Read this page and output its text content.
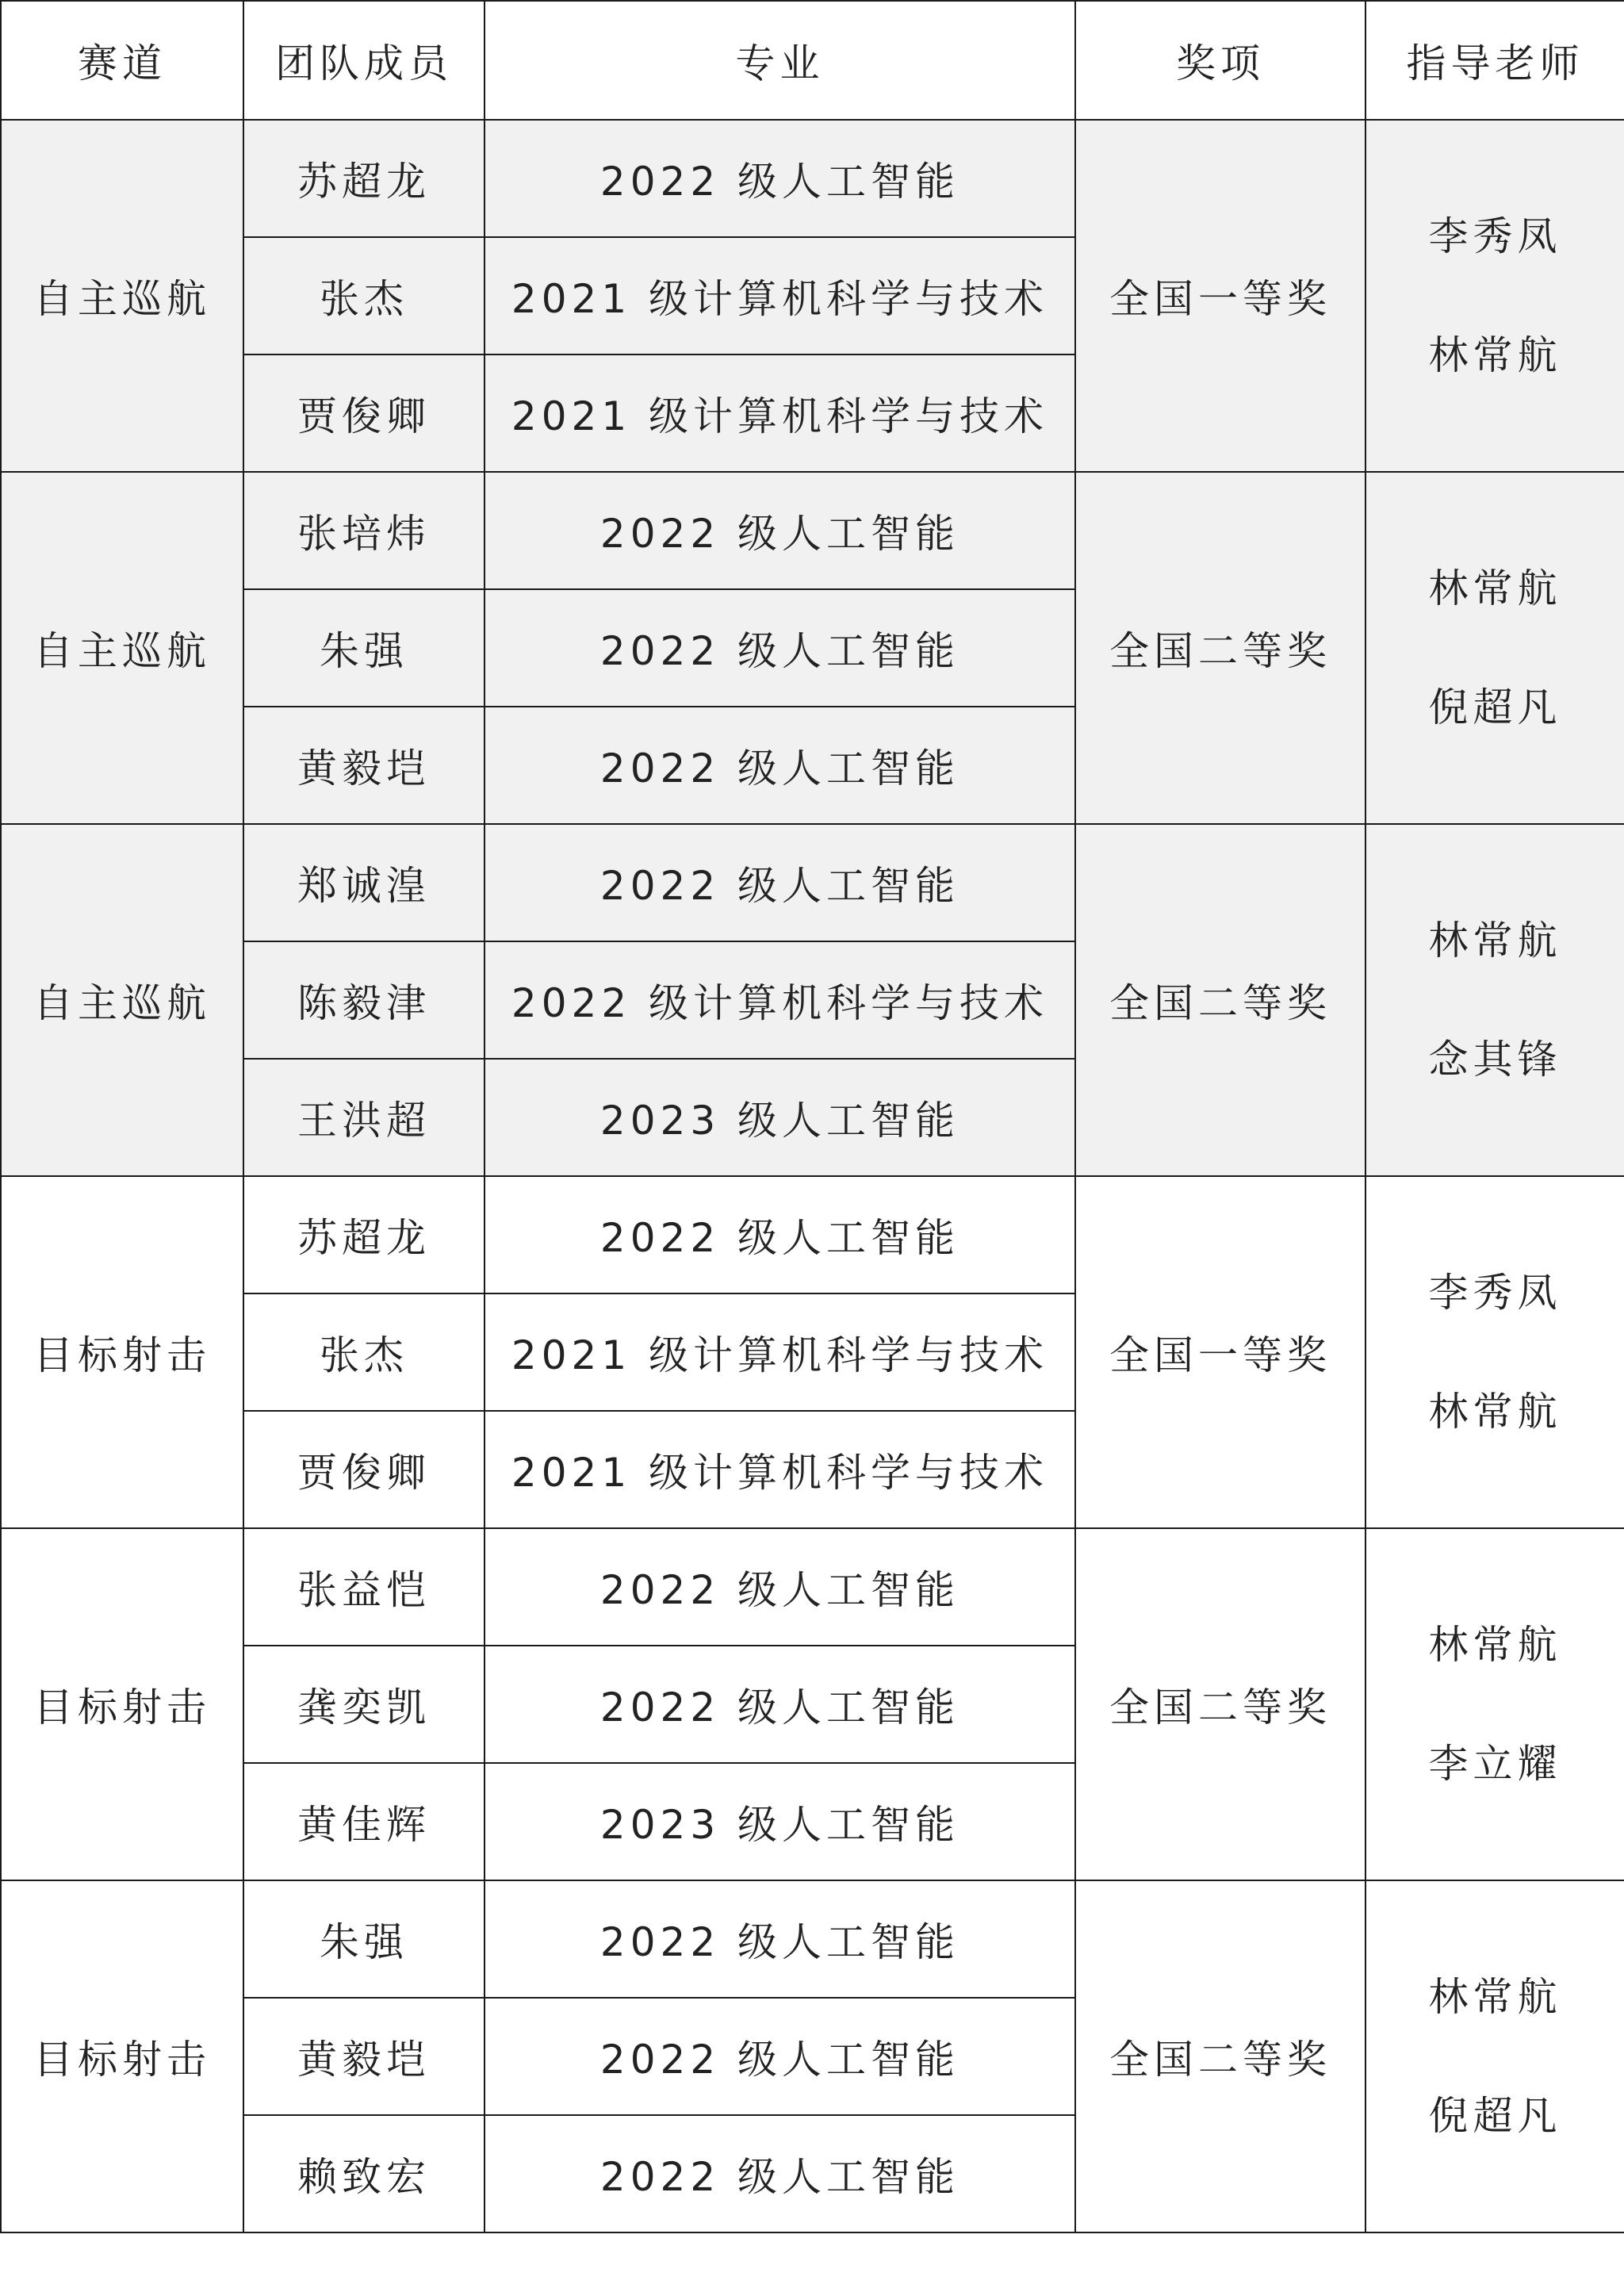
赛道	团队成员	专业	奖项	指导老师
自主巡航	苏超龙	2022 级人工智能	全国一等奖	李秀凤
林常航

	张杰	2021 级计算机科学与技术		
	贾俊卿	2021 级计算机科学与技术		
自主巡航	张培炜	2022 级人工智能	全国二等奖	林常航
倪超凡

	朱强	2022 级人工智能		
	黄毅垲	2022 级人工智能		
自主巡航	郑诚湟	2022 级人工智能	全国二等奖	林常航
念其锋

	陈毅津	2022 级计算机科学与技术		
	王洪超	2023 级人工智能		
目标射击	苏超龙	2022 级人工智能	全国一等奖	李秀凤
林常航

	张杰	2021 级计算机科学与技术		
	贾俊卿	2021 级计算机科学与技术		
目标射击	张益恺	2022 级人工智能	全国二等奖	林常航
李立耀

	龚奕凯	2022 级人工智能		
	黄佳辉	2023 级人工智能		
目标射击	朱强	2022 级人工智能	全国二等奖	林常航
倪超凡

	黄毅垲	2022 级人工智能		
	赖致宏	2022 级人工智能		
